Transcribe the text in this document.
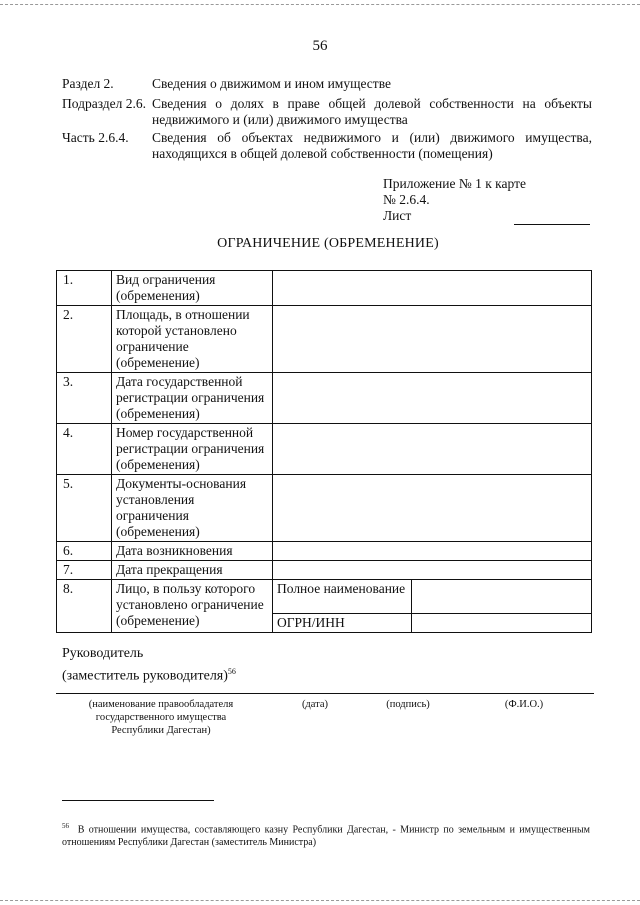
56
Раздел 2.	Сведения о движимом и ином имуществе
Подраздел 2.6. Сведения о долях в праве общей долевой собственности на объекты недвижимого и (или) движимого имущества
Часть 2.6.4. Сведения об объектах недвижимого и (или) движимого имущества, находящихся в общей долевой собственности (помещения)
Приложение № 1 к карте
№ 2.6.4.
Лист
ОГРАНИЧЕНИЕ (ОБРЕМЕНЕНИЕ)
1.	Вид ограничения (обременения)		
2.	Площадь, в отношении которой установлено ограничение (обременение)		
3.	Дата государственной регистрации ограничения (обременения)		
4.	Номер государственной регистрации ограничения (обременения)		
5.	Документы-основания установления ограничения (обременения)		
6.	Дата возникновения		
7.	Дата прекращения		
8.	Лицо, в пользу которого установлено ограничение (обременение)	Полное наименование	
		ОГРН/ИНН	
Руководитель
(заместитель руководителя)$^{56}$
(наименование правообладателя государственного имущества Республики Дагестан)
(дата)	(подпись)	(Ф.И.О.)
$^{56}$ В отношении имущества, составляющего казну Республики Дагестан, - Министр по земельным и имущественным отношениям Республики Дагестан (заместитель Министра)
